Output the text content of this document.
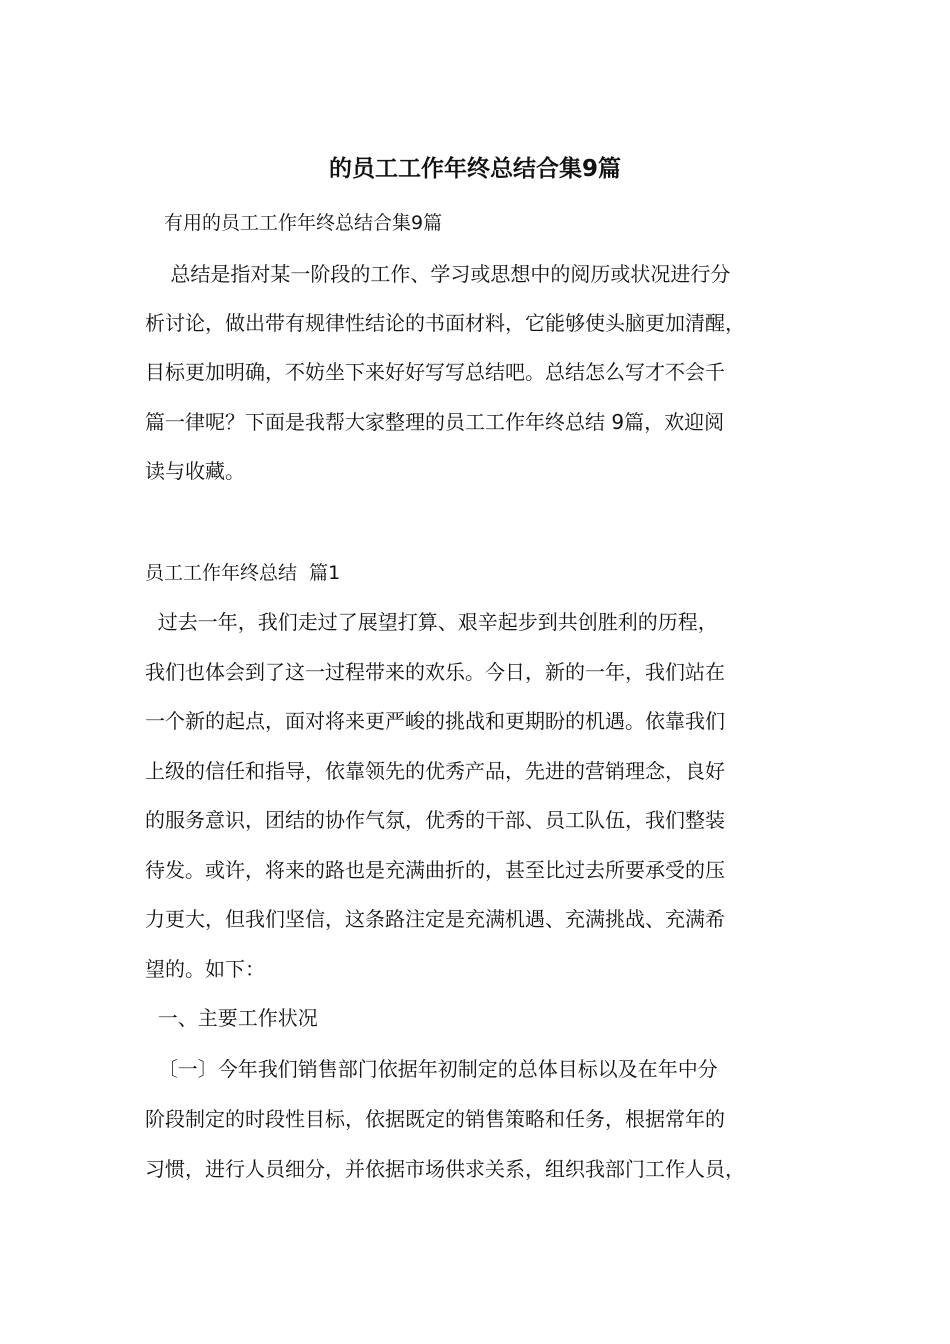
的员工工作年终总结合集9篇
有用的员工工作年终总结合集9篇
总结是指对某一阶段的工作、学习或思想中的阅历或状况进行分
析讨论，做出带有规律性结论的书面材料，它能够使头脑更加清醒，
目标更加明确，不妨坐下来好好写写总结吧。总结怎么写才不会千
篇一律呢？下面是我帮大家整理的员工工作年终总结 9篇，欢迎阅
读与收藏。
员工工作年终总结  篇1
过去一年，我们走过了展望打算、艰辛起步到共创胜利的历程，
我们也体会到了这一过程带来的欢乐。今日，新的一年，我们站在
一个新的起点，面对将来更严峻的挑战和更期盼的机遇。依靠我们
上级的信任和指导，依靠领先的优秀产品，先进的营销理念，良好
的服务意识，团结的协作气氛，优秀的干部、员工队伍，我们整装
待发。或许，将来的路也是充满曲折的，甚至比过去所要承受的压
力更大，但我们坚信，这条路注定是充满机遇、充满挑战、充满希
望的。如下：
一、主要工作状况
〔一〕今年我们销售部门依据年初制定的总体目标以及在年中分
阶段制定的时段性目标，依据既定的销售策略和任务，根据常年的
习惯，进行人员细分，并依据市场供求关系，组织我部门工作人员，
